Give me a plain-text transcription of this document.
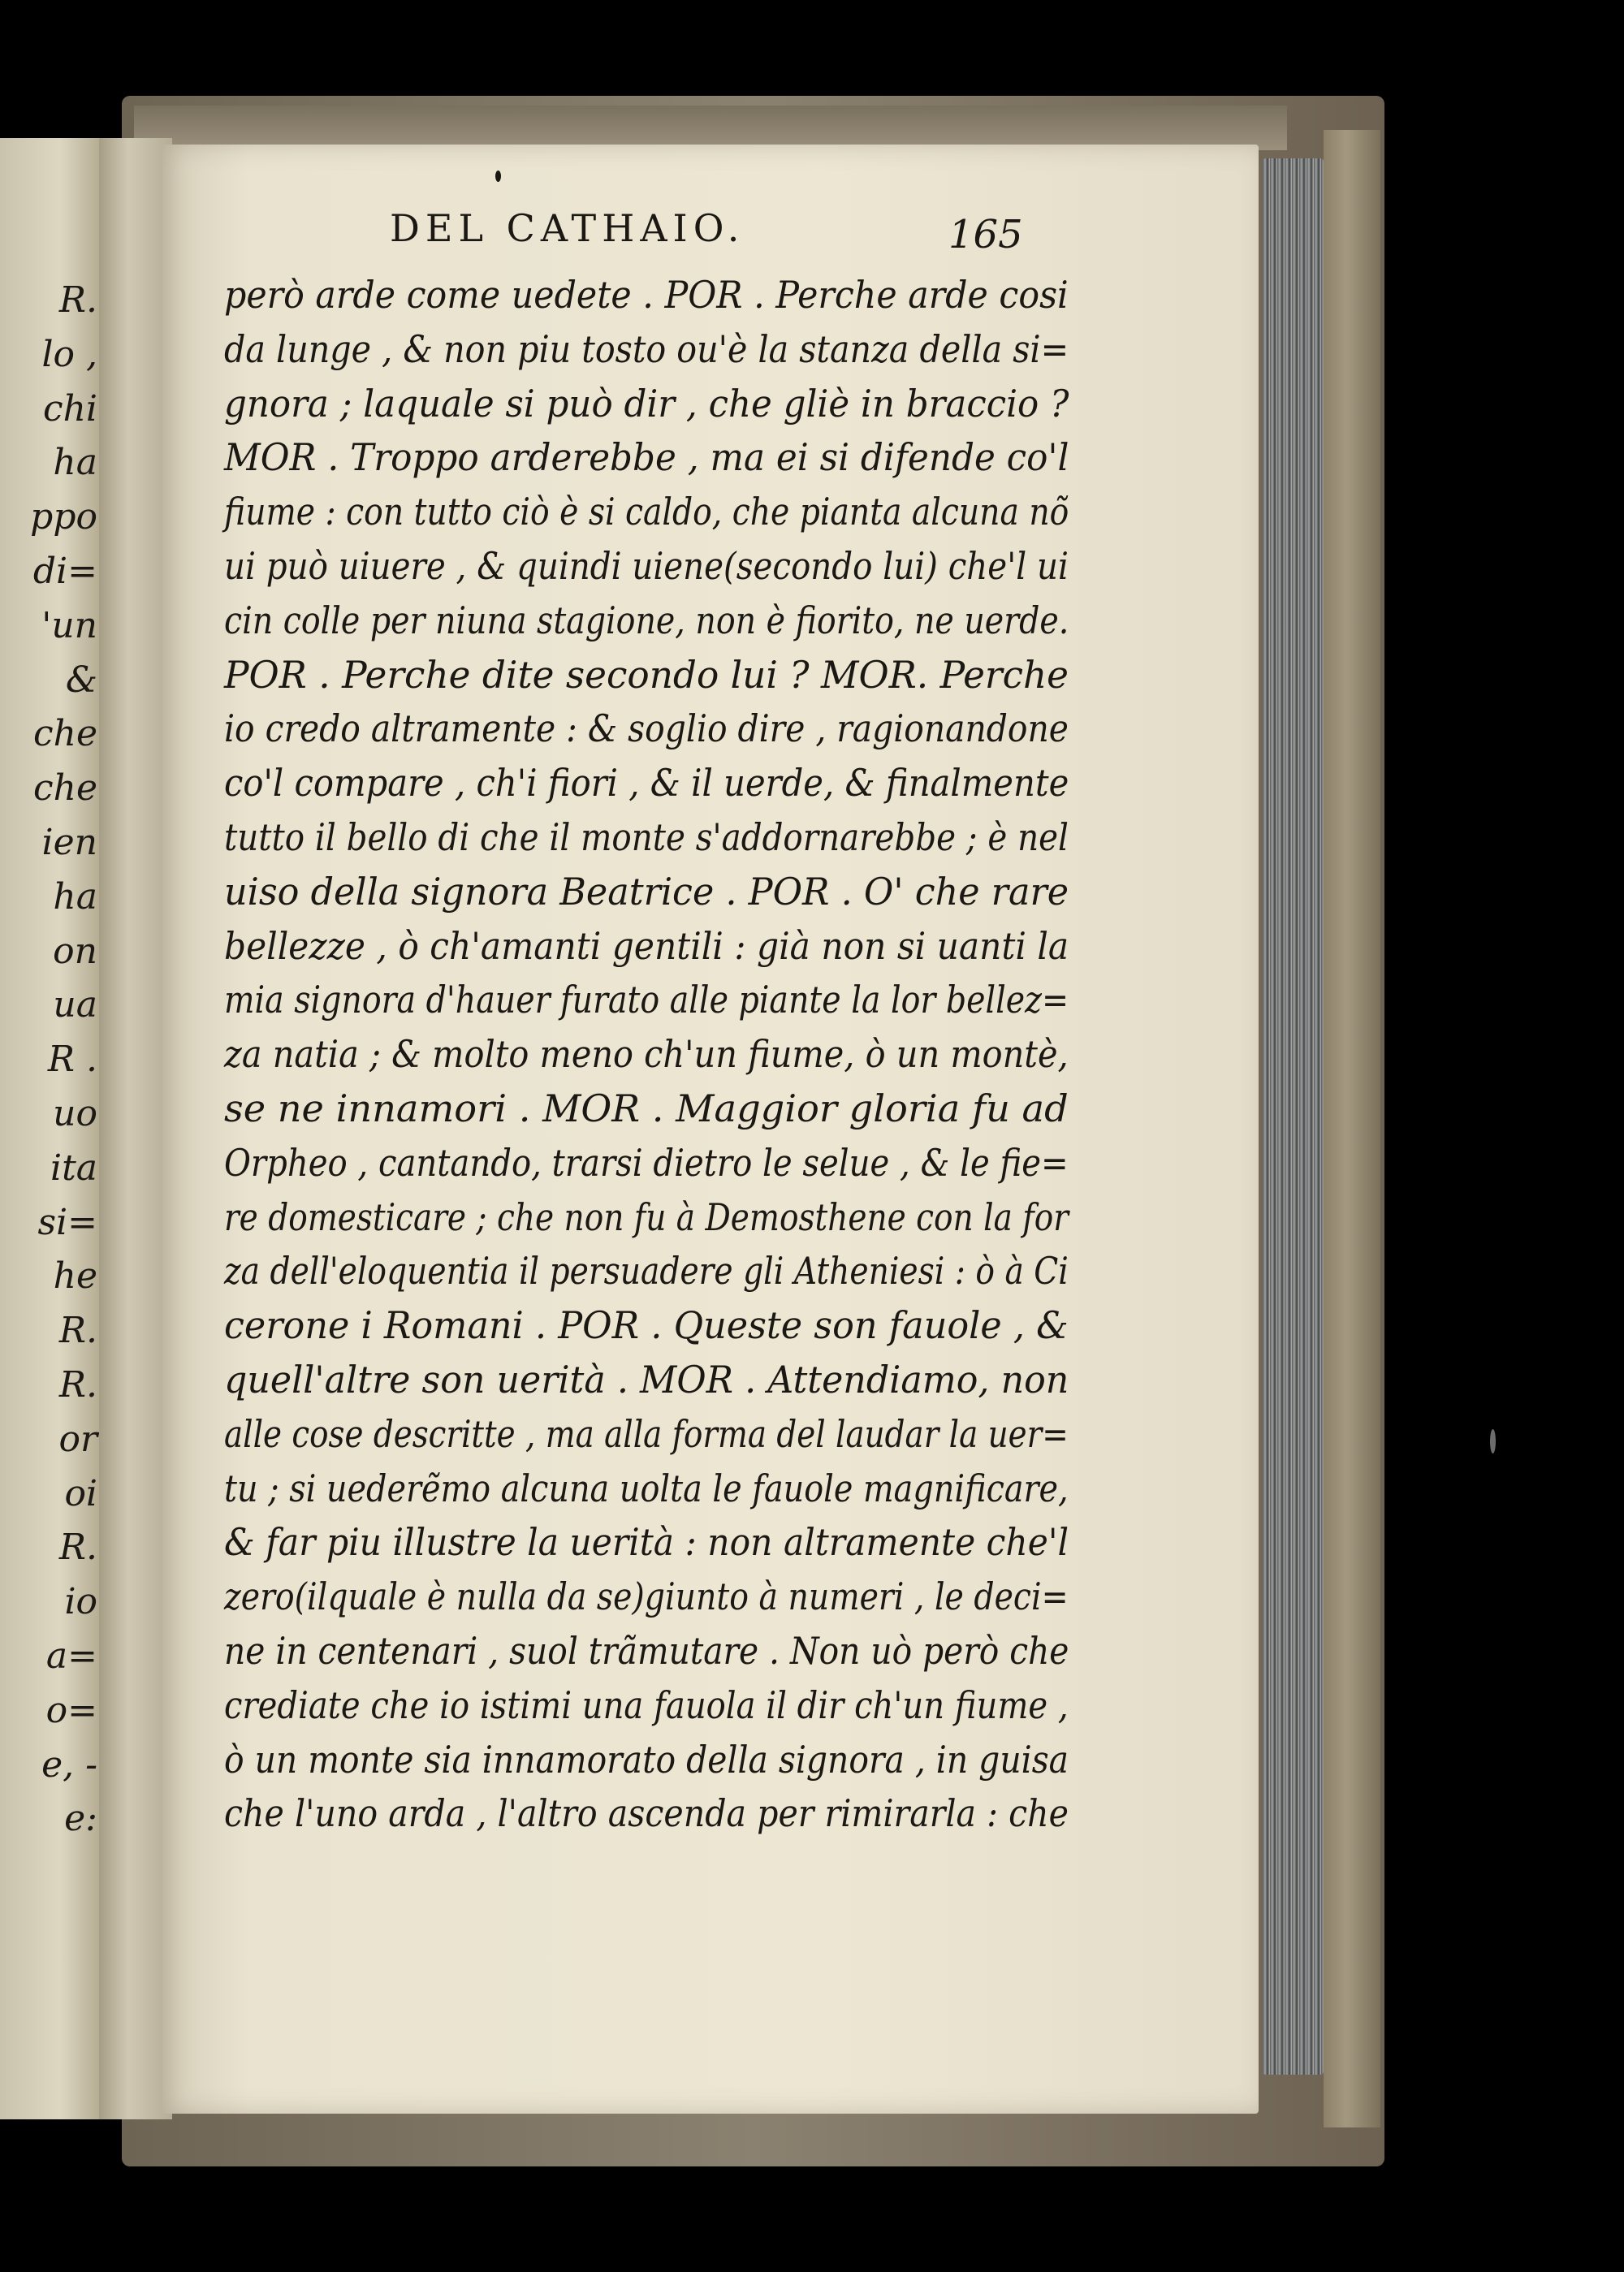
R.
lo ,
chi
ha
ppo
di=
'un
&
che
che
ien
ha
on
ua
R .
uo
ita
si=
he
R.
R.
or
oi
R.
io
a=
o=
e, -
e:
DEL CATHAIO.	165
però arde come uedete . POR . Perche arde cosi
da lunge , & non piu tosto ou'è la stanza della si=
gnora ; laquale si può dir , che gliè in braccio ?
MOR . Troppo arderebbe , ma ei si difende co'l
fiume : con tutto ciò è si caldo, che pianta alcuna nõ
ui può uiuere , & quindi uiene(secondo lui) che'l ui
cin colle per niuna stagione, non è fiorito, ne uerde.
POR . Perche dite secondo lui ? MOR. Perche
io credo altramente : & soglio dire , ragionandone
co'l compare , ch'i fiori , & il uerde, & finalmente
tutto il bello di che il monte s'addornarebbe ; è nel
uiso della signora Beatrice . POR . O' che rare
bellezze , ò ch'amanti gentili : già non si uanti la
mia signora d'hauer furato alle piante la lor bellez=
za natia ; & molto meno ch'un fiume, ò un montè,
se ne innamori . MOR . Maggior gloria fu ad
Orpheo , cantando, trarsi dietro le selue , & le fie=
re domesticare ; che non fu à Demosthene con la for
za dell'eloquentia il persuadere gli Atheniesi : ò à Ci
cerone i Romani . POR . Queste son fauole , &
quell'altre son uerità . MOR . Attendiamo, non
alle cose descritte , ma alla forma del laudar la uer=
tu ; si uederẽmo alcuna uolta le fauole magnificare,
& far piu illustre la uerità : non altramente che'l
zero(ilquale è nulla da se)giunto à numeri , le deci=
ne in centenari , suol trãmutare . Non uò però che
crediate che io istimi una fauola il dir ch'un fiume ,
ò un monte sia innamorato della signora , in guisa
che l'uno arda , l'altro ascenda per rimirarla : che
